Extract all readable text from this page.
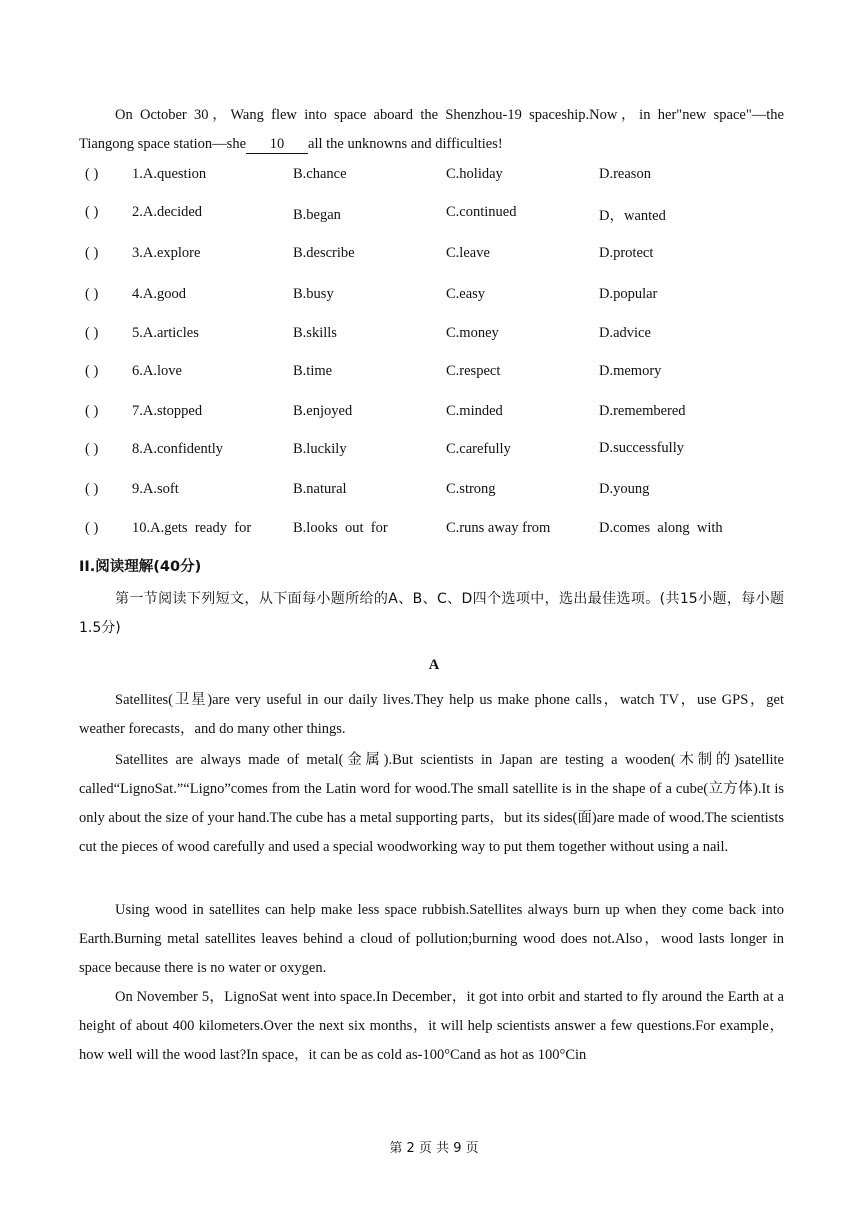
On October 30，Wang flew into space aboard the Shenzhou-19 spaceship.Now，in her"new space"—the Tiangong space station—she 10 all the unknowns and difficulties!
( ) 1.A.question	B.chance	C.holiday	D.reason
( ) 2.A.decided	B.began	C.continued	D，wanted
( ) 3.A.explore	B.describe	C.leave	D.protect
( ) 4.A.good	B.busy	C.easy	D.popular
( ) 5.A.articles	B.skills	C.money	D.advice
( ) 6.A.love	B.time	C.respect	D.memory
( ) 7.A.stopped	B.enjoyed	C.minded	D.remembered
( ) 8.A.confidently	B.luckily	C.carefully	D.successfully
( ) 9.A.soft	B.natural	C.strong	D.young
( ) 10.A.gets  ready  for	B.looks  out  for	C.runs away from	D.comes  along  with
II.阅读理解(40分)
第一节阅读下列短文，从下面每小题所给的A、B、C、D四个选项中，选出最佳选项。(共15小题，每小题1.5分)
A
Satellites(卫星)are very useful in our daily lives.They help us make phone calls，watch TV，use GPS，get weather forecasts，and do many other things.
Satellites are always made of metal(金属).But scientists in Japan are testing a wooden(木制的)satellite called“LignoSat.”“Ligno”comes from the Latin word for wood.The small satellite is in the shape of a cube(立方体).It is only about the size of your hand.The cube has a metal supporting parts，but its sides(面)are made of wood.The scientists cut the pieces of wood carefully and used a special woodworking way to put them together without using a nail.
Using wood in satellites can help make less space rubbish.Satellites always burn up when they come back into Earth.Burning metal satellites leaves behind a cloud of pollution;burning wood does not.Also，wood lasts longer in space because there is no water or oxygen.
On November 5，LignoSat went into space.In December，it got into orbit and started to fly around the Earth at a height of about 400 kilometers.Over the next six months，it will help scientists answer a few questions.For example，how well will the wood last?In space，it can be as cold as-100°Cand as hot as 100°Cin
第 2 页 共 9 页
